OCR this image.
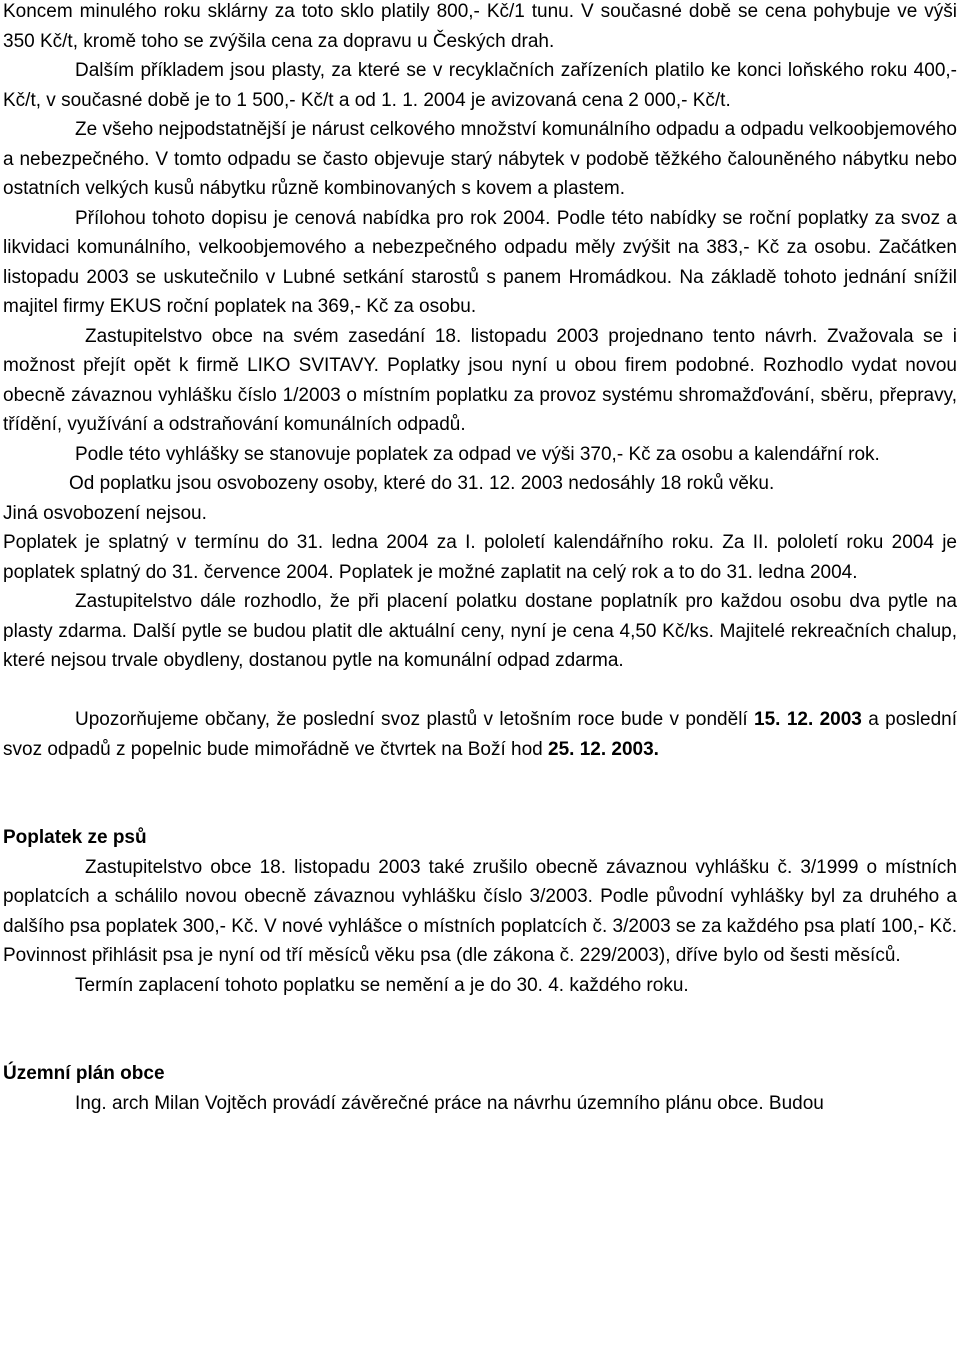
Koncem minulého roku sklárny za toto sklo platily 800,- Kč/1 tunu. V současné době se cena pohybuje ve výši 350 Kč/t, kromě toho se zvýšila cena za dopravu u Českých drah.

Dalším příkladem jsou plasty, za které se v recyklačních zařízeních platilo ke konci loňského roku 400,- Kč/t, v současné době je to 1 500,- Kč/t a od 1. 1. 2004 je avizovaná cena 2 000,- Kč/t.

Ze všeho nejpodstatnější je nárust celkového množství komunálního odpadu a odpadu velkoobjemového a nebezpečného. V tomto odpadu se často objevuje starý nábytek v podobě těžkého čalouněného nábytku nebo ostatních velkých kusů nábytku různě kombinovaných s kovem a plastem.

Přílohou tohoto dopisu je cenová nabídka pro rok 2004. Podle této nabídky se roční poplatky za svoz a likvidaci komunálního, velkoobjemového a nebezpečného odpadu měly zvýšit na 383,- Kč za osobu. Začátken listopadu 2003 se uskutečnilo v Lubné setkání starostů s panem Hromádkou. Na základě tohoto jednání snížil majitel firmy EKUS roční poplatek na 369,- Kč za osobu.

Zastupitelstvo obce na svém zasedání 18. listopadu 2003 projednano tento návrh. Zvažovala se i možnost přejít opět k firmě LIKO SVITAVY. Poplatky jsou nyní u obou firem podobné. Rozhodlo vydat novou obecně závaznou vyhlášku číslo 1/2003 o místním poplatku za provoz systému shromažďování, sběru, přepravy, třídění, využívání a odstraňování komunálních odpadů.

Podle této vyhlášky se stanovuje poplatek za odpad ve výši 370,- Kč za osobu a kalendářní rok.

Od poplatku jsou osvobozeny osoby, které do 31. 12. 2003 nedosáhly 18 roků věku.

Jiná osvobození nejsou.

Poplatek je splatný v termínu do 31. ledna 2004 za I. pololetí kalendářního roku. Za II. pololetí roku 2004 je poplatek splatný do 31. července 2004. Poplatek je možné zaplatit na celý rok a to do 31. ledna 2004.

Zastupitelstvo dále rozhodlo, že při placení polatku dostane poplatník pro každou osobu dva pytle na plasty zdarma. Další pytle se budou platit dle aktuální ceny, nyní je cena 4,50 Kč/ks. Majitelé rekreačních chalup, které nejsou trvale obydleny, dostanou pytle na komunální odpad zdarma.

Upozorňujeme občany, že poslední svoz plastů v letošním roce bude v pondělí 15. 12. 2003 a poslední svoz odpadů z popelnic bude mimořádně ve čtvrtek na Boží hod 25. 12. 2003.

Poplatek ze psů

Zastupitelstvo obce 18. listopadu 2003 také zrušilo obecně závaznou vyhlášku č. 3/1999 o místních poplatcích a schálilo novou obecně závaznou vyhlášku číslo 3/2003. Podle původní vyhlášky byl za druhého a dalšího psa poplatek 300,- Kč. V nové vyhlášce o místních poplatcích č. 3/2003 se za každého psa platí 100,- Kč. Povinnost přihlásit psa je nyní od tří měsíců věku psa (dle zákona č. 229/2003), dříve bylo od šesti měsíců.

Termín zaplacení tohoto poplatku se nemění a je do 30. 4. každého roku.

Územní plán obce

Ing. arch Milan Vojtěch provádí závěrečné práce na návrhu územního plánu obce. Budou
